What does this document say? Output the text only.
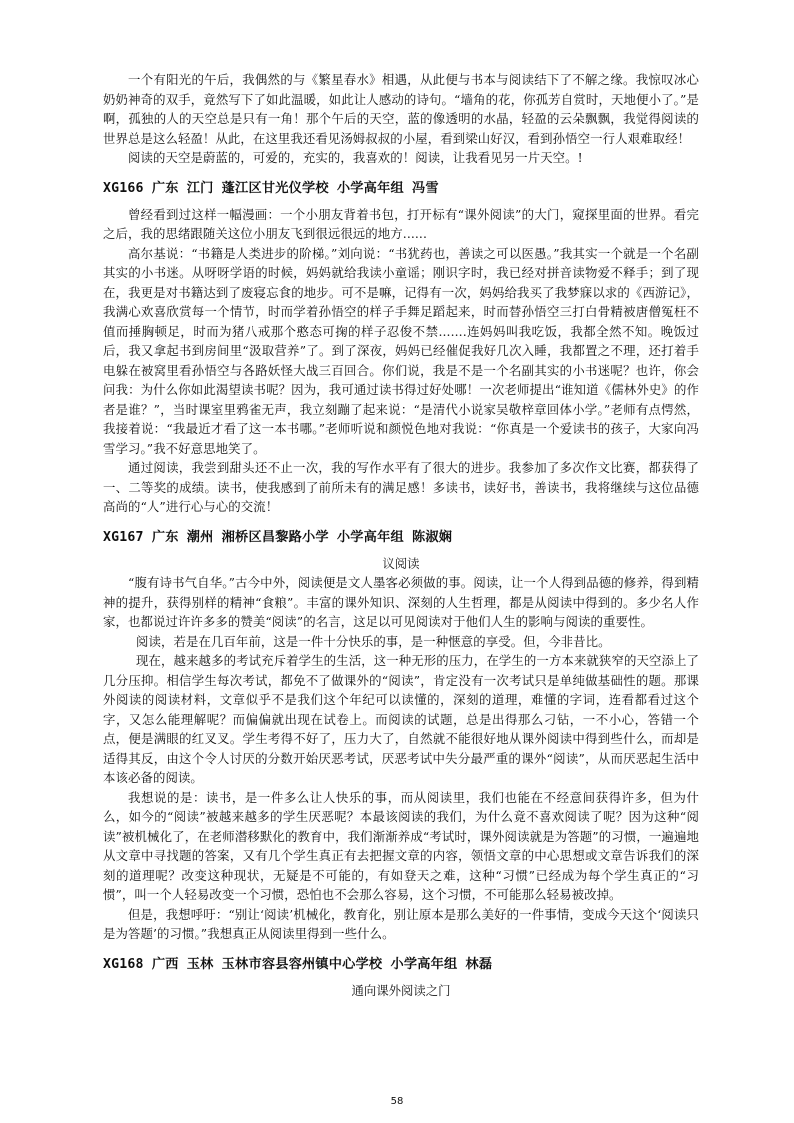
一个有阳光的午后，我偶然的与《繁星春水》相遇，从此便与书本与阅读结下了不解之缘。我惊叹冰心奶奶神奇的双手，竟然写下了如此温暖，如此让人感动的诗句。“墙角的花，你孤芳自赏时，天地便小了。”是啊，孤独的人的天空总是只有一角！那个午后的天空，蓝的像透明的水晶，轻盈的云朵飘飘，我觉得阅读的世界总是这么轻盈！从此，在这里我还看见汤姆叔叔的小屋，看到梁山好汉，看到孙悟空一行人艰难取经！

阅读的天空是蔚蓝的，可爱的，充实的，我喜欢的！阅读，让我看见另一片天空。!

XG166 广东 江门 蓬江区甘光仪学校 小学高年组 冯雪

曾经看到过这样一幅漫画：一个小朋友背着书包，打开标有“课外阅读”的大门，窥探里面的世界。看完之后，我的思绪跟随关这位小朋友飞到很远很远的地方......

高尔基说：“书籍是人类进步的阶梯。”刘向说：“书犹药也，善读之可以医愚。”我其实一个就是一个名副其实的小书迷。从呀呀学语的时候，妈妈就给我读小童谣；刚识字时，我已经对拼音读物爱不释手；到了现在，我更是对书籍达到了废寝忘食的地步。可不是嘛，记得有一次，妈妈给我买了我梦寐以求的《西游记》，我满心欢喜欣赏每一个情节，时而学着孙悟空的样子手舞足蹈起来，时而替孙悟空三打白骨精被唐僧冤枉不值而捶胸顿足，时而为猪八戒那个憨态可掬的样子忍俊不禁.......连妈妈叫我吃饭，我都全然不知。晚饭过后，我又拿起书到房间里“汲取营养”了。到了深夜，妈妈已经催促我好几次入睡，我都置之不理，还打着手电躲在被窝里看孙悟空与各路妖怪大战三百回合。你们说，我是不是一个名副其实的小书迷呢？也许，你会问我：为什么你如此渴望读书呢？因为，我可通过读书得过好处哪！一次老师提出“谁知道《儒林外史》的作者是谁？”，当时课室里鸦雀无声，我立刻蹦了起来说：“是清代小说家吴敬梓章回体小学。”老师有点愕然，我接着说：“我最近才看了这一本书哪。”老师听说和颜悦色地对我说：“你真是一个爱读书的孩子，大家向冯雪学习。”我不好意思地笑了。

通过阅读，我尝到甜头还不止一次，我的写作水平有了很大的进步。我参加了多次作文比赛，都获得了一、二等奖的成绩。读书，使我感到了前所未有的满足感！多读书，读好书，善读书，我将继续与这位品德高尚的“人”进行心与心的交流！

XG167 广东 潮州 湘桥区昌黎路小学 小学高年组 陈淑娴
议阅读

“腹有诗书气自华。”古今中外，阅读便是文人墨客必须做的事。阅读，让一个人得到品德的修养，得到精神的提升，获得别样的精神“食粮”。丰富的课外知识、深刻的人生哲理，都是从阅读中得到的。多少名人作家，也都说过许许多多的赞美“阅读”的名言，这足以可见阅读对于他们人生的影响与阅读的重要性。

阅读，若是在几百年前，这是一件十分快乐的事，是一种惬意的享受。但，今非昔比。

现在，越来越多的考试充斥着学生的生活，这一种无形的压力，在学生的一方本来就狭窄的天空添上了几分压抑。相信学生每次考试，都免不了做课外的“阅读”，肯定没有一次考试只是单纯做基础性的题。那课外阅读的阅读材料，文章似乎不是我们这个年纪可以读懂的，深刻的道理，难懂的字词，连看都看过这个字，又怎么能理解呢？而偏偏就出现在试卷上。而阅读的试题，总是出得那么刁钻，一不小心，答错一个点，便是满眼的红叉叉。学生考得不好了，压力大了，自然就不能很好地从课外阅读中得到些什么，而却是适得其反，由这个令人讨厌的分数开始厌恶考试，厌恶考试中失分最严重的课外“阅读”，从而厌恶起生活中本该必备的阅读。

我想说的是：读书，是一件多么让人快乐的事，而从阅读里，我们也能在不经意间获得许多，但为什么，如今的“阅读”被越来越多的学生厌恶呢？本最该阅读的我们，为什么竟不喜欢阅读了呢？因为这种“阅读”被机械化了，在老师潜移默化的教育中，我们渐渐养成“考试时，课外阅读就是为答题”的习惯，一遍遍地从文章中寻找题的答案，又有几个学生真正有去把握文章的内容，领悟文章的中心思想或文章告诉我们的深刻的道理呢？改变这种现状，无疑是不可能的，有如登天之难，这种“习惯”已经成为每个学生真正的“习惯”，叫一个人轻易改变一个习惯，恐怕也不会那么容易，这个习惯，不可能那么轻易被改掉。

但是，我想呼吁：“别让‘阅读’机械化，教育化，别让原本是那么美好的一件事情，变成今天这个‘阅读只是为答题’的习惯。”我想真正从阅读里得到一些什么。

XG168 广西 玉林 玉林市容县容州镇中心学校 小学高年组 林磊
通向课外阅读之门
58
